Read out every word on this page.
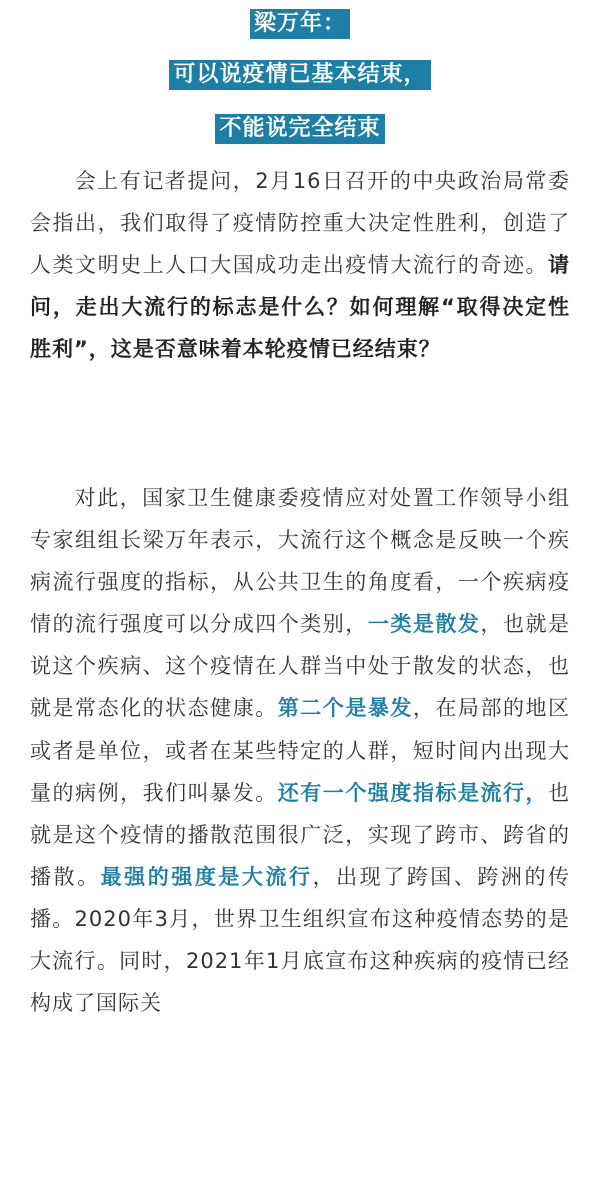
梁万年：
可以说疫情已基本结束，
不能说完全结束

会上有记者提问，2月16日召开的中央政治局常委会指出，我们取得了疫情防控重大决定性胜利，创造了人类文明史上人口大国成功走出疫情大流行的奇迹。请问，走出大流行的标志是什么？如何理解“取得决定性胜利”，这是否意味着本轮疫情已经结束？

对此，国家卫生健康委疫情应对处置工作领导小组专家组组长梁万年表示，大流行这个概念是反映一个疾病流行强度的指标，从公共卫生的角度看，一个疾病疫情的流行强度可以分成四个类别，一类是散发，也就是说这个疾病、这个疫情在人群当中处于散发的状态，也就是常态化的状态健康。第二个是暴发，在局部的地区或者是单位，或者在某些特定的人群，短时间内出现大量的病例，我们叫暴发。还有一个强度指标是流行，也就是这个疫情的播散范围很广泛，实现了跨市、跨省的播散。最强的强度是大流行，出现了跨国、跨洲的传播。2020年3月，世界卫生组织宣布这种疫情态势的是大流行。同时，2021年1月底宣布这种疾病的疫情已经构成了国际关
